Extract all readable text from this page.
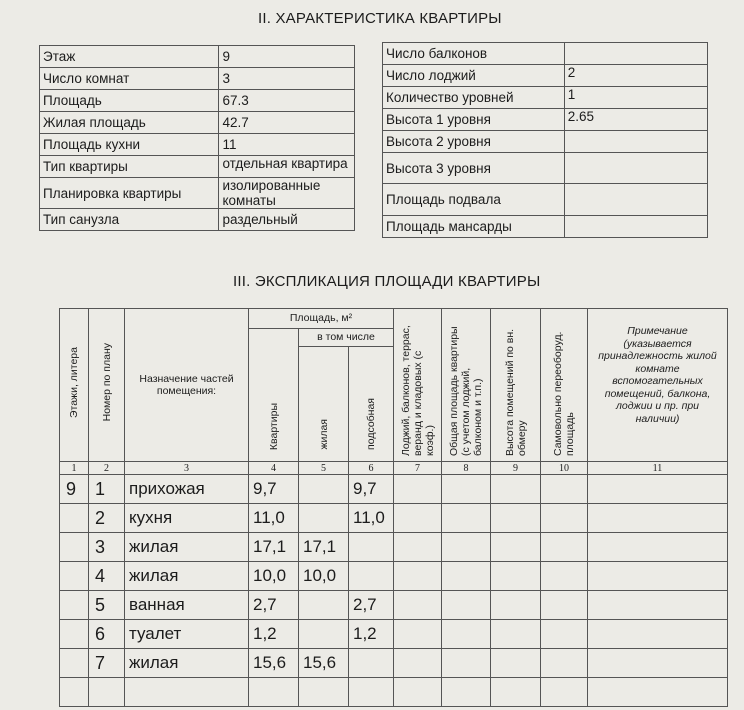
II. ХАРАКТЕРИСТИКА КВАРТИРЫ
Этаж	9
Число комнат	3
Площадь	67.3
Жилая площадь	42.7
Площадь кухни	11
Тип квартиры	отдельная квартира
Планировка квартиры	изолированные комнаты
Тип санузла	раздельный
Число балконов	
Число лоджий	2
Количество уровней	1
Высота 1 уровня	2.65
Высота 2 уровня	
Высота 3 уровня	
Площадь подвала	
Площадь мансарды	
III. ЭКСПЛИКАЦИЯ ПЛОЩАДИ КВАРТИРЫ
Этажи, литера	Номер по плану	Назначение частей помещения:	Площадь, м²			Лоджий, балконов, террас, веранд и кладовых (с коэф.)	Общая площадь квартиры (с учетом лоджий, балконом и т.п.)	Высота помещений по вн. обмеру	Самовольно переоборуд. площадь	Примечание (указывается принадлежность жилой комнате вспомогательных помещений, балкона, лоджии и пр. при наличии)
			Квартиры	в том числе						
				жилая	подсобная					
1	2	3	4	5	6	7	8	9	10	11
9	1	прихожая	9,7		9,7					
	2	кухня	11,0		11,0					
	3	жилая	17,1	17,1						
	4	жилая	10,0	10,0						
	5	ванная	2,7		2,7					
	6	туалет	1,2		1,2					
	7	жилая	15,6	15,6						
